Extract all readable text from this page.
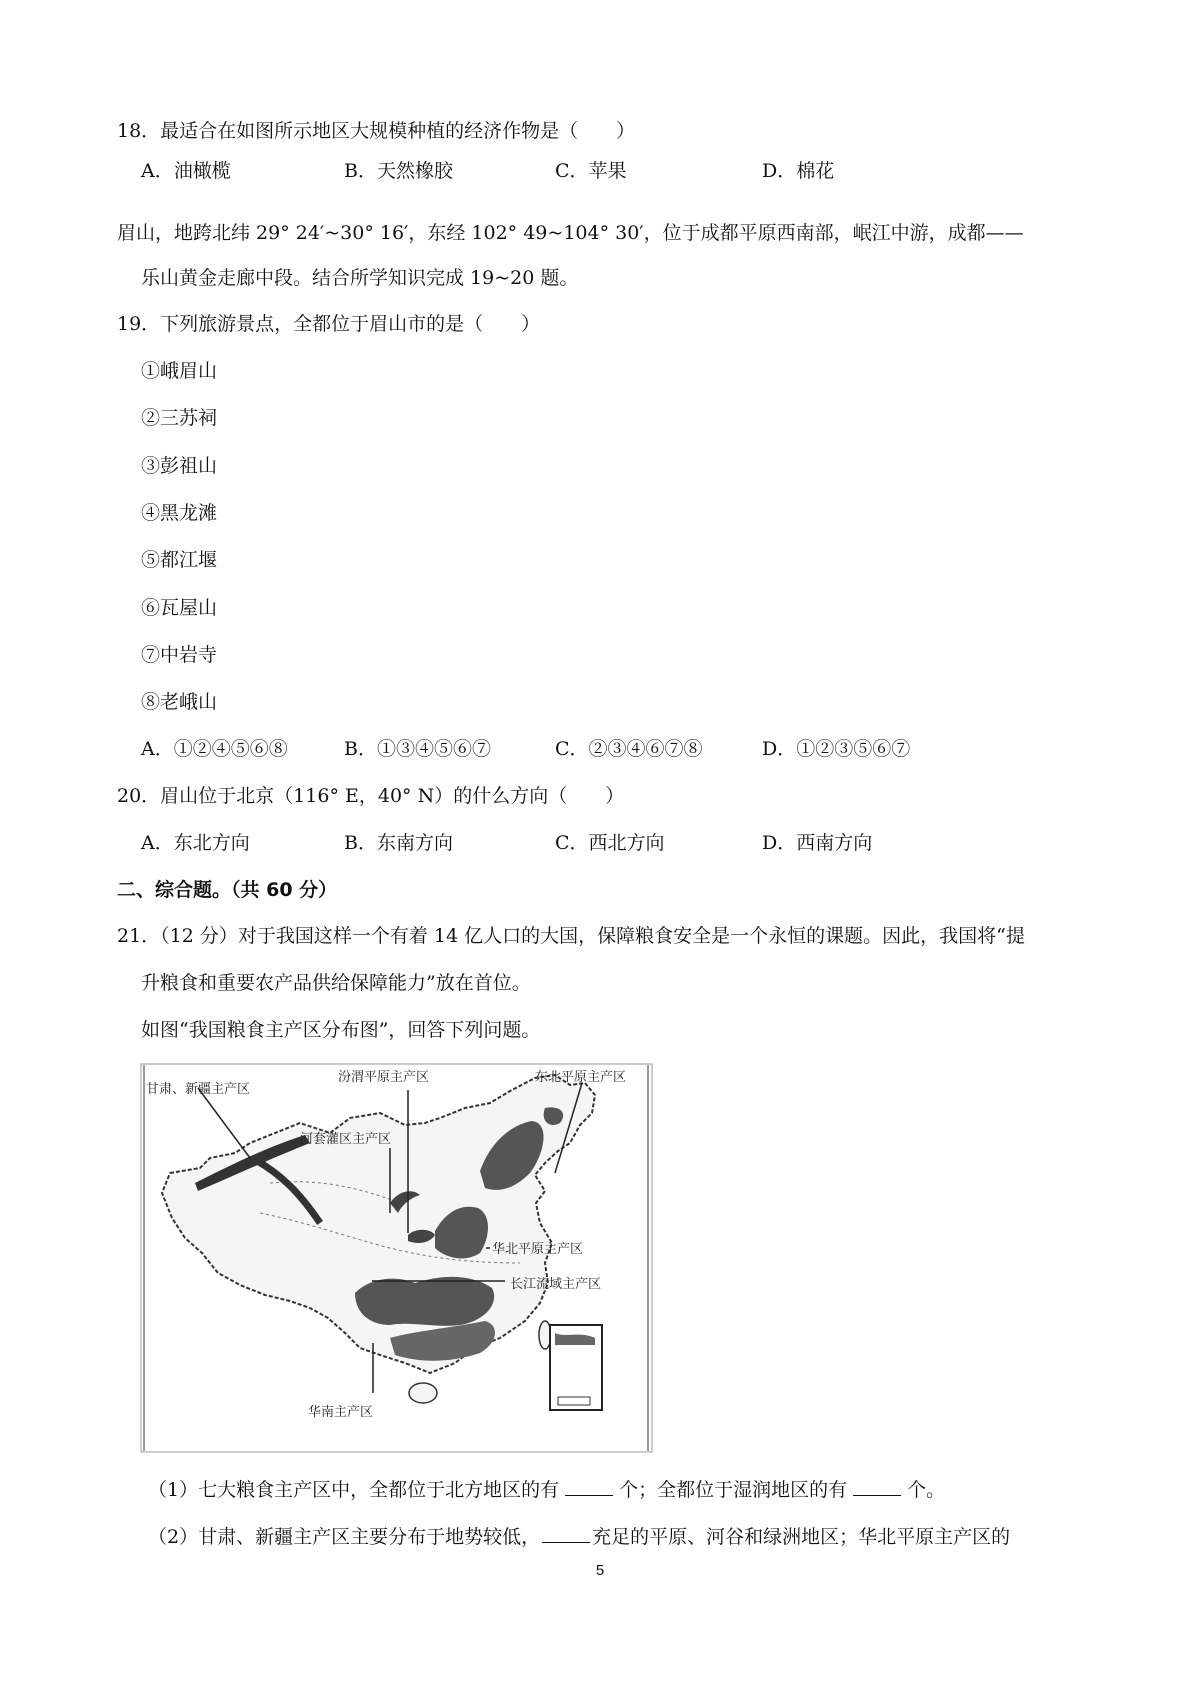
18．最适合在如图所示地区大规模种植的经济作物是（　　）
A．油橄榄	B．天然橡胶	C．苹果	D．棉花
眉山，地跨北纬 29° 24′~30° 16′，东经 102° 49~104° 30′，位于成都平原西南部，岷江中游，成都——
乐山黄金走廊中段。结合所学知识完成 19~20 题。
19．下列旅游景点，全都位于眉山市的是（　　）
①峨眉山
②三苏祠
③彭祖山
④黑龙滩
⑤都江堰
⑥瓦屋山
⑦中岩寺
⑧老峨山
A．①②④⑤⑥⑧	B．①③④⑤⑥⑦	C．②③④⑥⑦⑧	D．①②③⑤⑥⑦
20．眉山位于北京（116° E，40° N）的什么方向（　　）
A．东北方向	B．东南方向	C．西北方向	D．西南方向
二、综合题。（共 60 分）
21．（12 分）对于我国这样一个有着 14 亿人口的大国，保障粮食安全是一个永恒的课题。因此，我国将“提
升粮食和重要农产品供给保障能力”放在首位。
如图“我国粮食主产区分布图”，回答下列问题。
甘肃、新疆主产区
汾渭平原主产区
河套灌区主产区
东北平原主产区
华北平原主产区
长江流域主产区
华南主产区
（1）七大粮食主产区中，全都位于北方地区的有	个；全都位于湿润地区的有	个。
（2）甘肃、新疆主产区主要分布于地势较低，	充足的平原、河谷和绿洲地区；华北平原主产区的
5
